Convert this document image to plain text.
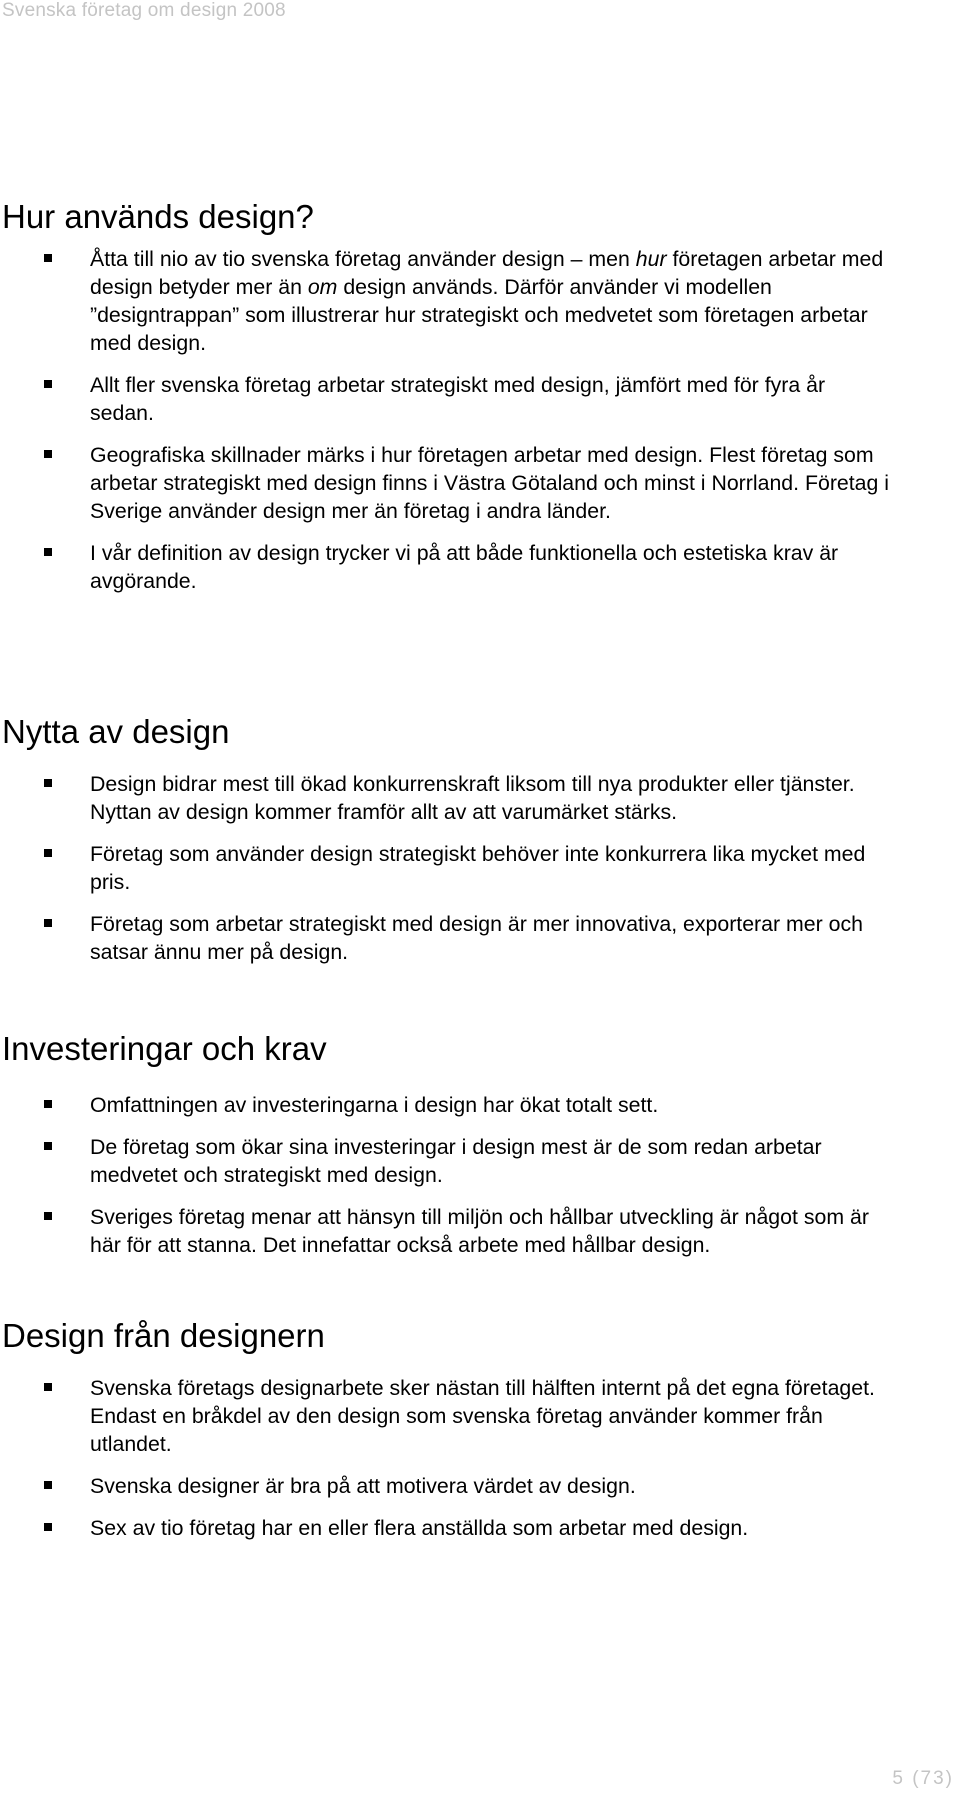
Svenska företag om design 2008
Hur används design?
Åtta till nio av tio svenska företag använder design – men hur företagen arbetar med design betyder mer än om design används. Därför använder vi modellen ”designtrappan” som illustrerar hur strategiskt och medvetet som företagen arbetar med design.
Allt fler svenska företag arbetar strategiskt med design, jämfört med för fyra år sedan.
Geografiska skillnader märks i hur företagen arbetar med design. Flest företag som arbetar strategiskt med design finns i Västra Götaland och minst i Norrland. Företag i Sverige använder design mer än företag i andra länder.
I vår definition av design trycker vi på att både funktionella och estetiska krav är avgörande.
Nytta av design
Design bidrar mest till ökad konkurrenskraft liksom till nya produkter eller tjänster. Nyttan av design kommer framför allt av att varumärket stärks.
Företag som använder design strategiskt behöver inte konkurrera lika mycket med pris.
Företag som arbetar strategiskt med design är mer innovativa, exporterar mer och satsar ännu mer på design.
Investeringar och krav
Omfattningen av investeringarna i design har ökat totalt sett.
De företag som ökar sina investeringar i design mest är de som redan arbetar medvetet och strategiskt med design.
Sveriges företag menar att hänsyn till miljön och hållbar utveckling är något som är här för att stanna. Det innefattar också arbete med hållbar design.
Design från designern
Svenska företags designarbete sker nästan till hälften internt på det egna företaget. Endast en bråkdel av den design som svenska företag använder kommer från utlandet.
Svenska designer är bra på att motivera värdet av design.
Sex av tio företag har en eller flera anställda som arbetar med design.
5 (73)
